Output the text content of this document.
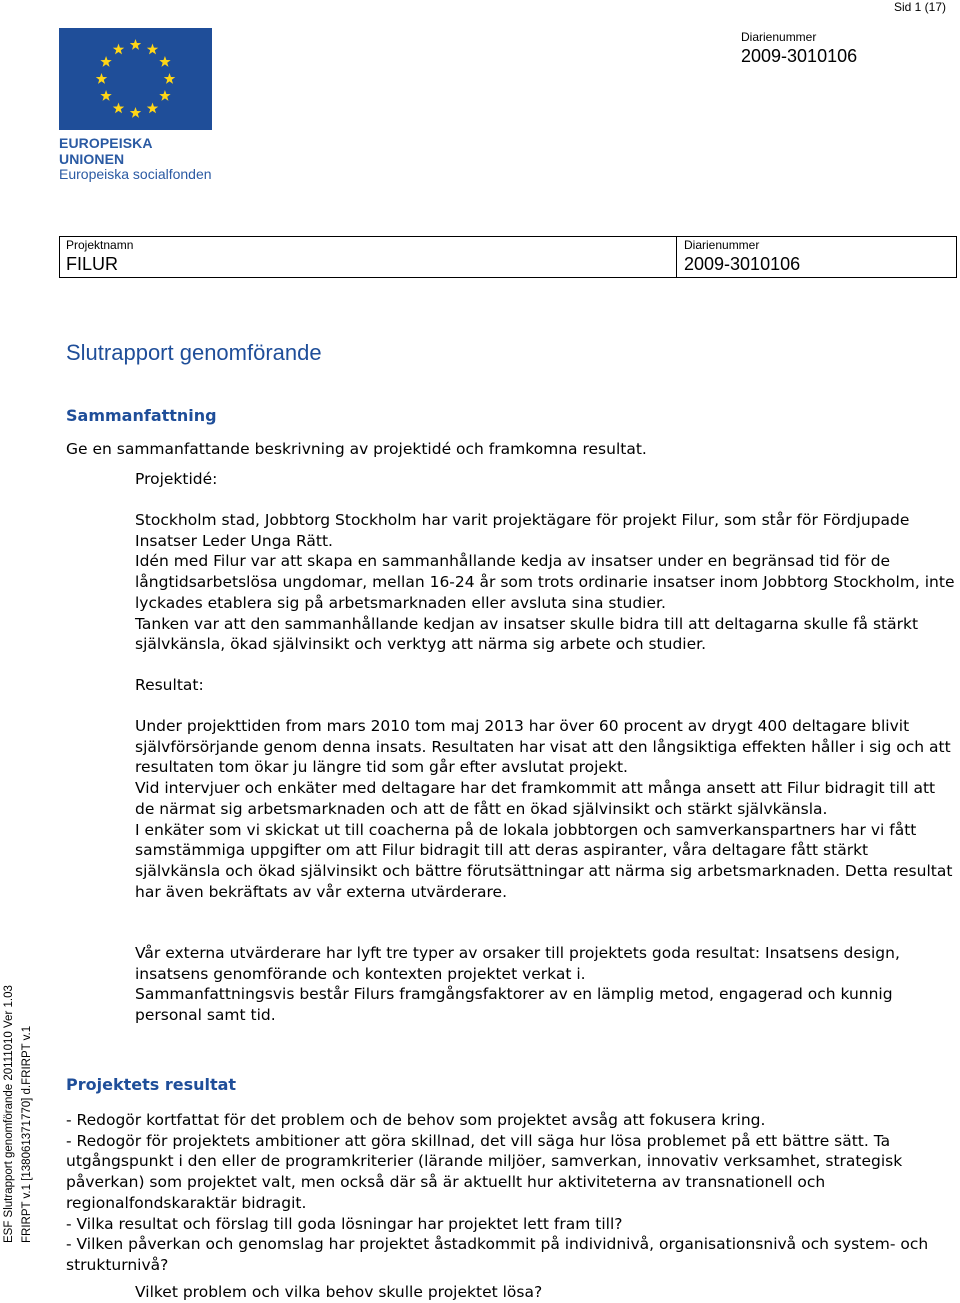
Sid 1 (17)
EUROPEISKA UNIONEN
Europeiska socialfonden
Diarienummer
2009-3010106
Projektnamn
FILUR
Diarienummer
2009-3010106
Slutrapport genomförande
Sammanfattning
Ge en sammanfattande beskrivning av projektidé och framkomna resultat.
Projektidé:

Stockholm stad, Jobbtorg Stockholm har varit projektägare för projekt Filur, som står för Fördjupade Insatser Leder Unga Rätt.

Idén med Filur var att skapa en sammanhållande kedja av insatser under en begränsad tid för de långtidsarbetslösa ungdomar, mellan 16-24 år som trots ordinarie insatser inom Jobbtorg Stockholm, inte lyckades etablera sig på arbetsmarknaden eller avsluta sina studier.

Tanken var att den sammanhållande kedjan av insatser skulle bidra till att deltagarna skulle få stärkt självkänsla, ökad självinsikt och verktyg att närma sig arbete och studier.

Resultat:

Under projekttiden from mars 2010 tom maj 2013 har över 60 procent av drygt 400 deltagare blivit självförsörjande genom denna insats. Resultaten har visat att den långsiktiga effekten håller i sig och att resultaten tom ökar ju längre tid som går efter avslutat projekt.

Vid intervjuer och enkäter med deltagare har det framkommit att många ansett att Filur bidragit till att de närmat sig arbetsmarknaden och att de fått en ökad självinsikt och stärkt självkänsla.

I enkäter som vi skickat ut till coacherna på de lokala jobbtorgen och samverkanspartners har vi fått samstämmiga uppgifter om att Filur bidragit till att deras aspiranter, våra deltagare fått stärkt självkänsla och ökad självinsikt och bättre förutsättningar att närma sig arbetsmarknaden. Detta resultat har även bekräftats av vår externa utvärderare.

Vår externa utvärderare har lyft tre typer av orsaker till projektets goda resultat: Insatsens design, insatsens genomförande och kontexten projektet verkat i.

Sammanfattningsvis består Filurs framgångsfaktorer av en lämplig metod, engagerad och kunnig personal samt tid.

Projektets resultat
- Redogör kortfattat för det problem och de behov som projektet avsåg att fokusera kring.
- Redogör för projektets ambitioner att göra skillnad, det vill säga hur lösa problemet på ett bättre sätt. Ta utgångspunkt i den eller de programkriterier (lärande miljöer, samverkan, innovativ verksamhet, strategisk påverkan) som projektet valt, men också där så är aktuellt hur aktiviteterna av transnationell och regionalfondskaraktär bidragit.
- Vilka resultat och förslag till goda lösningar har projektet lett fram till?
- Vilken påverkan och genomslag har projektet åstadkommit på individnivå, organisationsnivå och system- och strukturnivå?
Vilket problem och vilka behov skulle projektet lösa?
ESF Slutrapport genomförande 20111010 Ver 1.03 FRIRPT v.1 [138061371770] d.FRIRPT v.1
